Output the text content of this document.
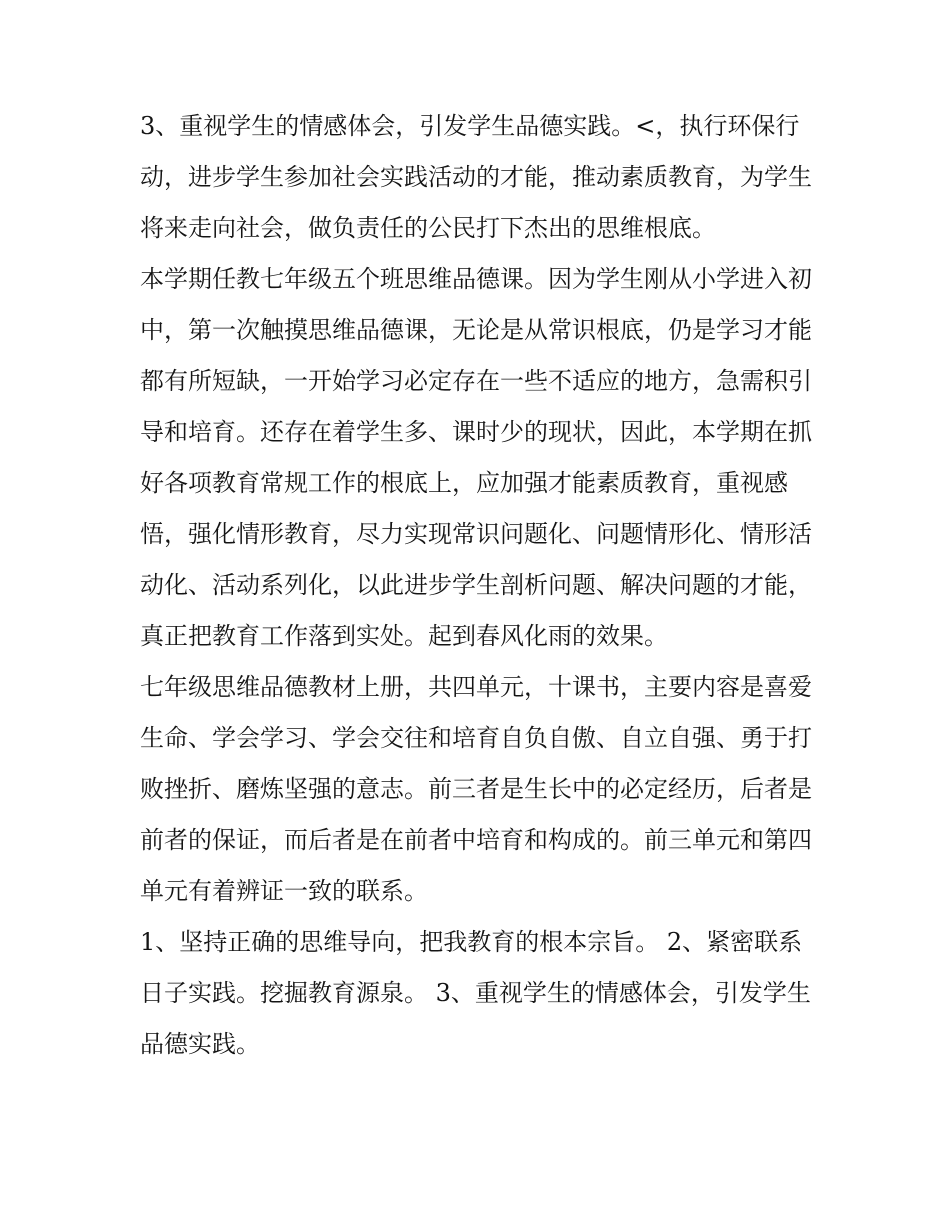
3、重视学生的情感体会，引发学生品德实践。<，执行环保行动，进步学生参加社会实践活动的才能，推动素质教育，为学生将来走向社会，做负责任的公民打下杰出的思维根底。

本学期任教七年级五个班思维品德课。因为学生刚从小学进入初中，第一次触摸思维品德课，无论是从常识根底，仍是学习才能都有所短缺，一开始学习必定存在一些不适应的地方，急需积引导和培育。还存在着学生多、课时少的现状，因此，本学期在抓好各项教育常规工作的根底上，应加强才能素质教育，重视感悟，强化情形教育，尽力实现常识问题化、问题情形化、情形活动化、活动系列化，以此进步学生剖析问题、解决问题的才能，真正把教育工作落到实处。起到春风化雨的效果。

七年级思维品德教材上册，共四单元，十课书，主要内容是喜爱生命、学会学习、学会交往和培育自负自傲、自立自强、勇于打败挫折、磨炼坚强的意志。前三者是生长中的必定经历，后者是前者的保证，而后者是在前者中培育和构成的。前三单元和第四单元有着辨证一致的联系。

1、坚持正确的思维导向，把我教育的根本宗旨。 2、紧密联系日子实践。挖掘教育源泉。 3、重视学生的情感体会，引发学生品德实践。
